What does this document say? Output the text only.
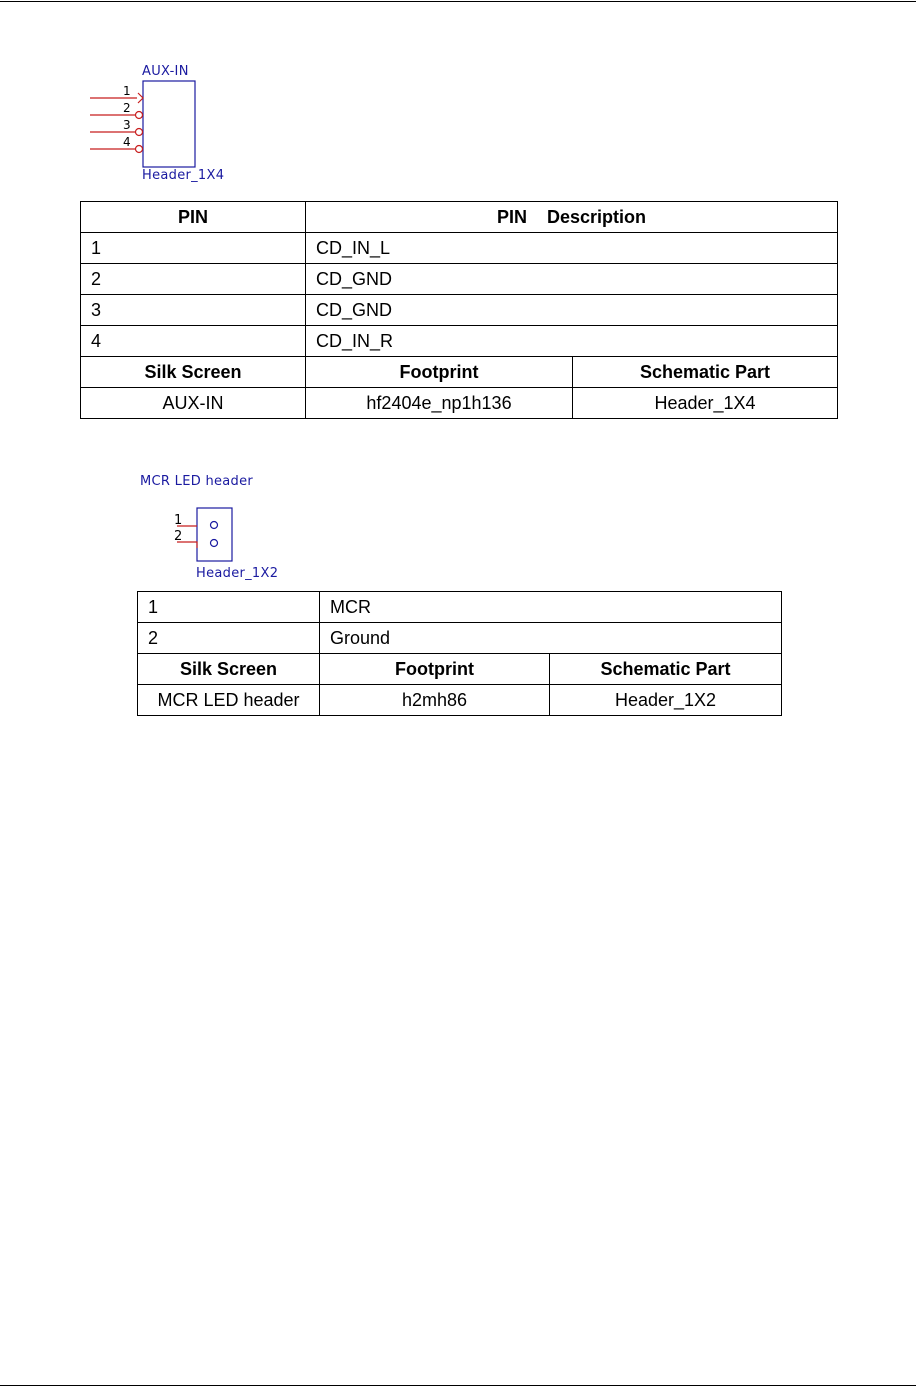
AUX-IN
1
2
3
4
Header_1X4
PIN	PIN    Description	
1	CD_IN_L	
2	CD_GND	
3	CD_GND	
4	CD_IN_R	
Silk Screen	Footprint	Schematic Part
AUX-IN	hf2404e_np1h136	Header_1X4
MCR LED header
1
2
Header_1X2
1	MCR	
2	Ground	
Silk Screen	Footprint	Schematic Part
MCR LED header	h2mh86	Header_1X2
